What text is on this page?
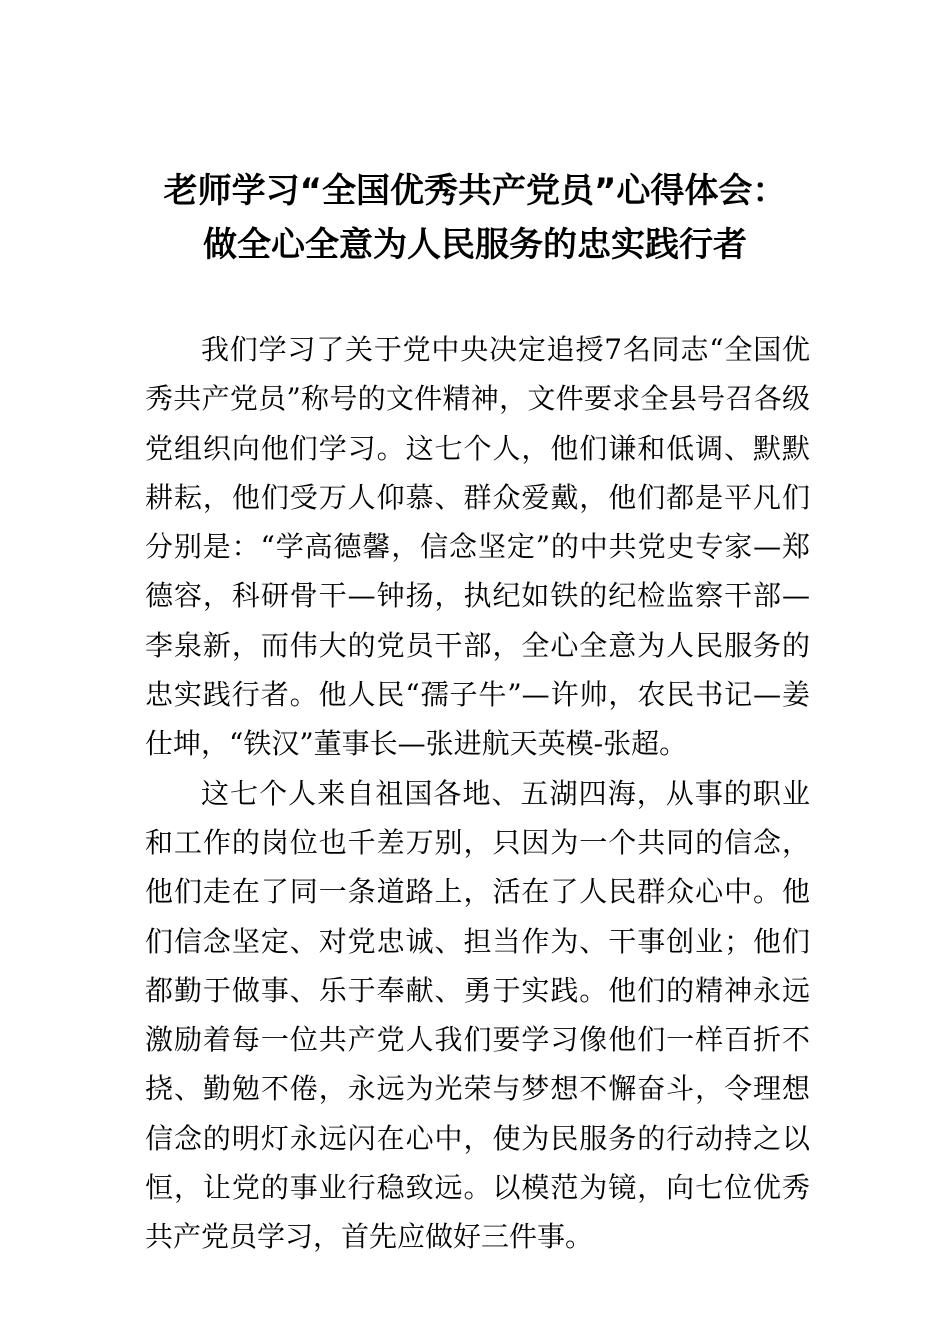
老师学习“全国优秀共产党员”心得体会：
做全心全意为人民服务的忠实践行者

我们学习了关于党中央决定追授7名同志“全国优秀共产党员”称号的文件精神，文件要求全县号召各级党组织向他们学习。这七个人，他们谦和低调、默默耕耘，他们受万人仰慕、群众爱戴，他们都是平凡们分别是：“学高德馨，信念坚定”的中共党史专家—郑德容，科研骨干—钟扬，执纪如铁的纪检监察干部—李泉新，而伟大的党员干部，全心全意为人民服务的忠实践行者。他人民“孺子牛”—许帅，农民书记—姜仕坤，“铁汉”董事长—张进航天英模-张超。

这七个人来自祖国各地、五湖四海，从事的职业和工作的岗位也千差万别，只因为一个共同的信念，他们走在了同一条道路上，活在了人民群众心中。他们信念坚定、对党忠诚、担当作为、干事创业；他们都勤于做事、乐于奉献、勇于实践。他们的精神永远激励着每一位共产党人我们要学习像他们一样百折不挠、勤勉不倦，永远为光荣与梦想不懈奋斗，令理想信念的明灯永远闪在心中，使为民服务的行动持之以恒，让党的事业行稳致远。以模范为镜，向七位优秀共产党员学习，首先应做好三件事。
